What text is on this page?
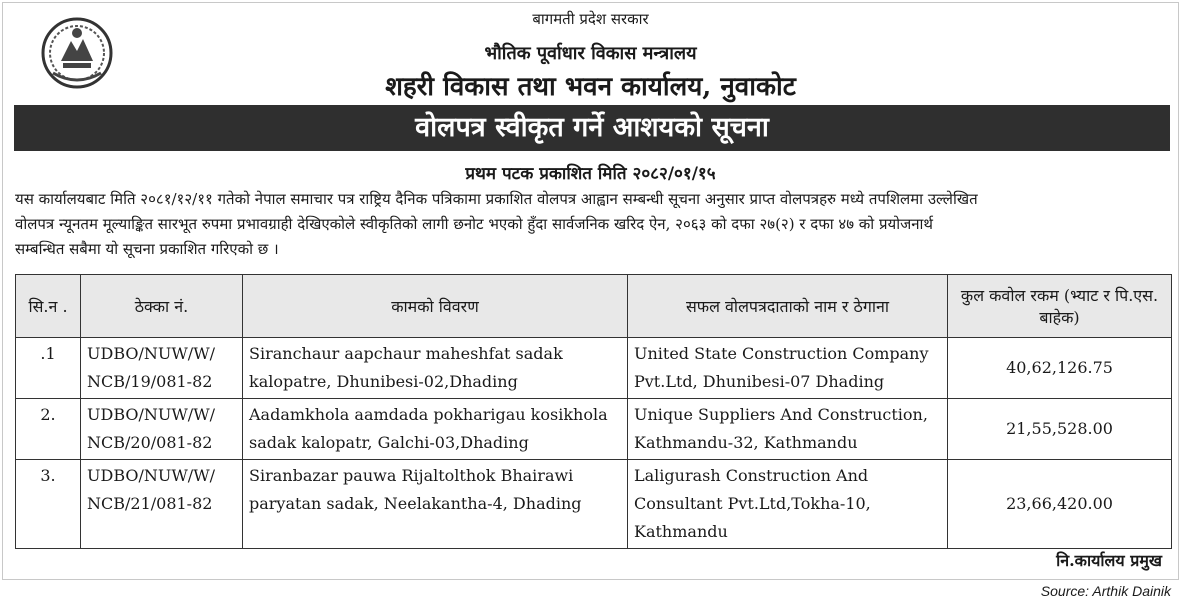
बागमती प्रदेश सरकार
भौतिक पूर्वाधार विकास मन्त्रालय
शहरी विकास तथा भवन कार्यालय, नुवाकोट
वोलपत्र स्वीकृत गर्ने आशयको सूचना
प्रथम पटक प्रकाशित मिति २०८२/०१/१५
यस कार्यालयबाट मिति २०८१/१२/११ गतेको नेपाल समाचार पत्र राष्ट्रिय दैनिक पत्रिकामा प्रकाशित वोलपत्र आह्वान सम्बन्धी सूचना अनुसार प्राप्त वोलपत्रहरु मध्ये तपशिलमा उल्लेखित
वोलपत्र न्यूनतम मूल्याङ्कित सारभूत रुपमा प्रभावग्राही देखिएकोले स्वीकृतिको लागी छनोट भएको हुँदा सार्वजनिक खरिद ऐन, २०६३ को दफा २७(२) र दफा ४७ को प्रयोजनार्थ
सम्बन्धित सबैमा यो सूचना प्रकाशित गरिएको छ ।
सि.न .	ठेक्का नं.	कामको विवरण	सफल वोलपत्रदाताको नाम र ठेगाना	कुल कवोल रकम (भ्याट र पि.एस. बाहेक)
.1	UDBO/NUW/W/ NCB/19/081-82	Siranchaur aapchaur maheshfat sadak kalopatre, Dhunibesi-02,Dhading	United State Construction Company Pvt.Ltd, Dhunibesi-07 Dhading	40,62,126.75
2.	UDBO/NUW/W/ NCB/20/081-82	Aadamkhola aamdada pokharigau kosikhola sadak kalopatr, Galchi-03,Dhading	Unique Suppliers And Construction, Kathmandu-32, Kathmandu	21,55,528.00
3.	UDBO/NUW/W/ NCB/21/081-82	Siranbazar pauwa Rijaltolthok Bhairawi paryatan sadak, Neelakantha-4, Dhading	Laligurash Construction And Consultant Pvt.Ltd,Tokha-10, Kathmandu	23,66,420.00
नि.कार्यालय प्रमुख
Source: Arthik Dainik
